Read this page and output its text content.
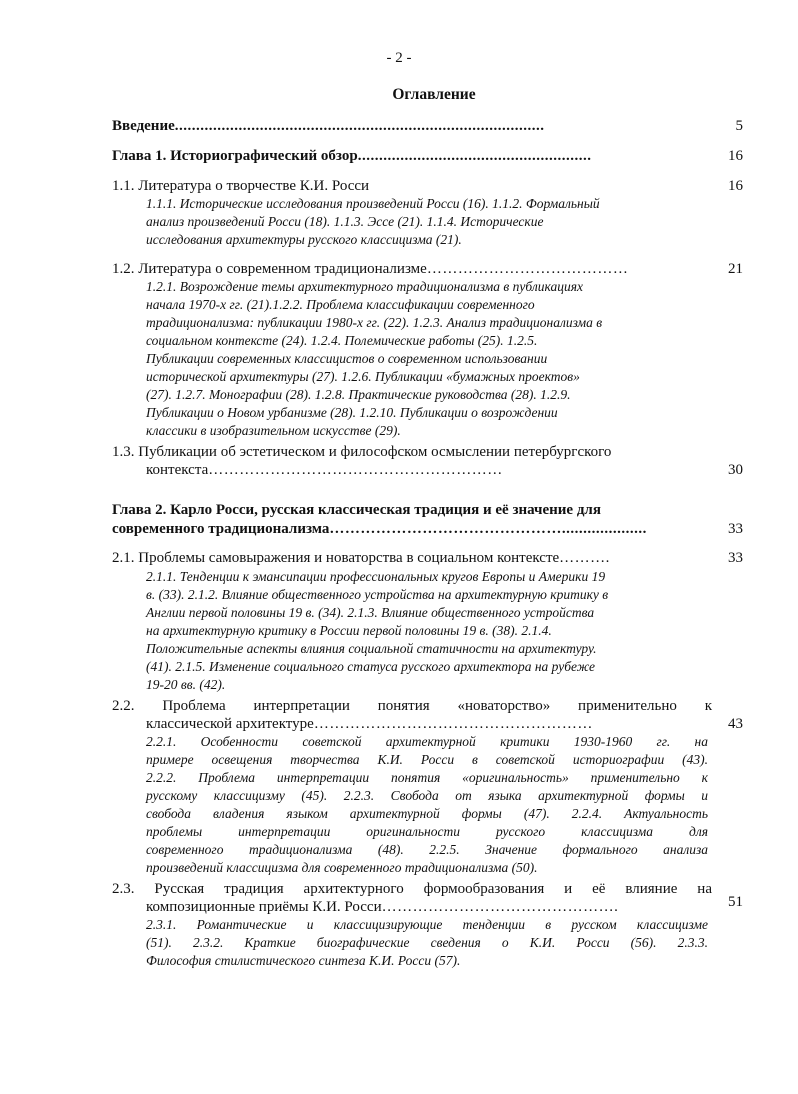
- 2 -
Оглавление
Введение.......................................................................................	5
Глава 1. Историографический обзор.......................................................	16
1.1. Литература о творчестве К.И. Росси	16
1.1.1. Исторические исследования произведений Росси (16). 1.1.2. Формальный
анализ произведений Росси (18). 1.1.3. Эссе (21). 1.1.4. Исторические
исследования архитектуры русского классицизма (21).
1.2. Литература о современном традиционализме…………………………………	21
1.2.1. Возрождение темы архитектурного традиционализма в публикациях
начала 1970-х гг. (21).1.2.2. Проблема классификации современного
традиционализма: публикации 1980-х гг. (22). 1.2.3. Анализ традиционализма в
социальном контексте (24). 1.2.4. Полемические работы (25). 1.2.5.
Публикации современных классицистов о современном использовании
исторической архитектуры (27). 1.2.6. Публикации «бумажных проектов»
(27). 1.2.7. Монографии (28). 1.2.8. Практические руководства (28). 1.2.9.
Публикации о Новом урбанизме (28). 1.2.10. Публикации о возрождении
классики в изобразительном искусстве (29).
1.3. Публикации об эстетическом и философском осмыслении петербургского
контекста…………………………………………………	30
Глава 2. Карло Росси, русская классическая традиция и её значение для
современного традиционализма………………………………………....................	33
2.1. Проблемы самовыражения и новаторства в социальном контексте……….	33
2.1.1. Тенденции к эмансипации профессиональных кругов Европы и Америки 19
в. (33). 2.1.2. Влияние общественного устройства на архитектурную критику в
Англии первой половины 19 в. (34). 2.1.3. Влияние общественного устройства
на архитектурную критику в России первой половины 19 в. (38). 2.1.4.
Положительные аспекты влияния социальной статичности на архитектуру.
(41). 2.1.5. Изменение социального статуса русского архитектора на рубеже
19-20 вв. (42).
2.2. Проблема интерпретации понятия «новаторство» применительно к
классической архитектуре………………………………………………	43
2.2.1. Особенности советской архитектурной критики 1930-1960 гг. на
примере освещения творчества К.И. Росси в советской историографии (43).
2.2.2. Проблема интерпретации понятия «оригинальность» применительно к
русскому классицизму (45). 2.2.3. Свобода от языка архитектурной формы и
свобода владения языком архитектурной формы (47). 2.2.4. Актуальность
проблемы интерпретации оригинальности русского классицизма для
современного традиционализма (48). 2.2.5. Значение формального анализа
произведений классицизма для современного традиционализма (50).
2.3. Русская традиция архитектурного формообразования и её влияние на
композиционные приёмы К.И. Росси……………………………………….	51
2.3.1. Романтические и классицизирующие тенденции в русском классицизме
(51). 2.3.2. Краткие биографические сведения о К.И. Росси (56). 2.3.3.
Философия стилистического синтеза К.И. Росси (57).
